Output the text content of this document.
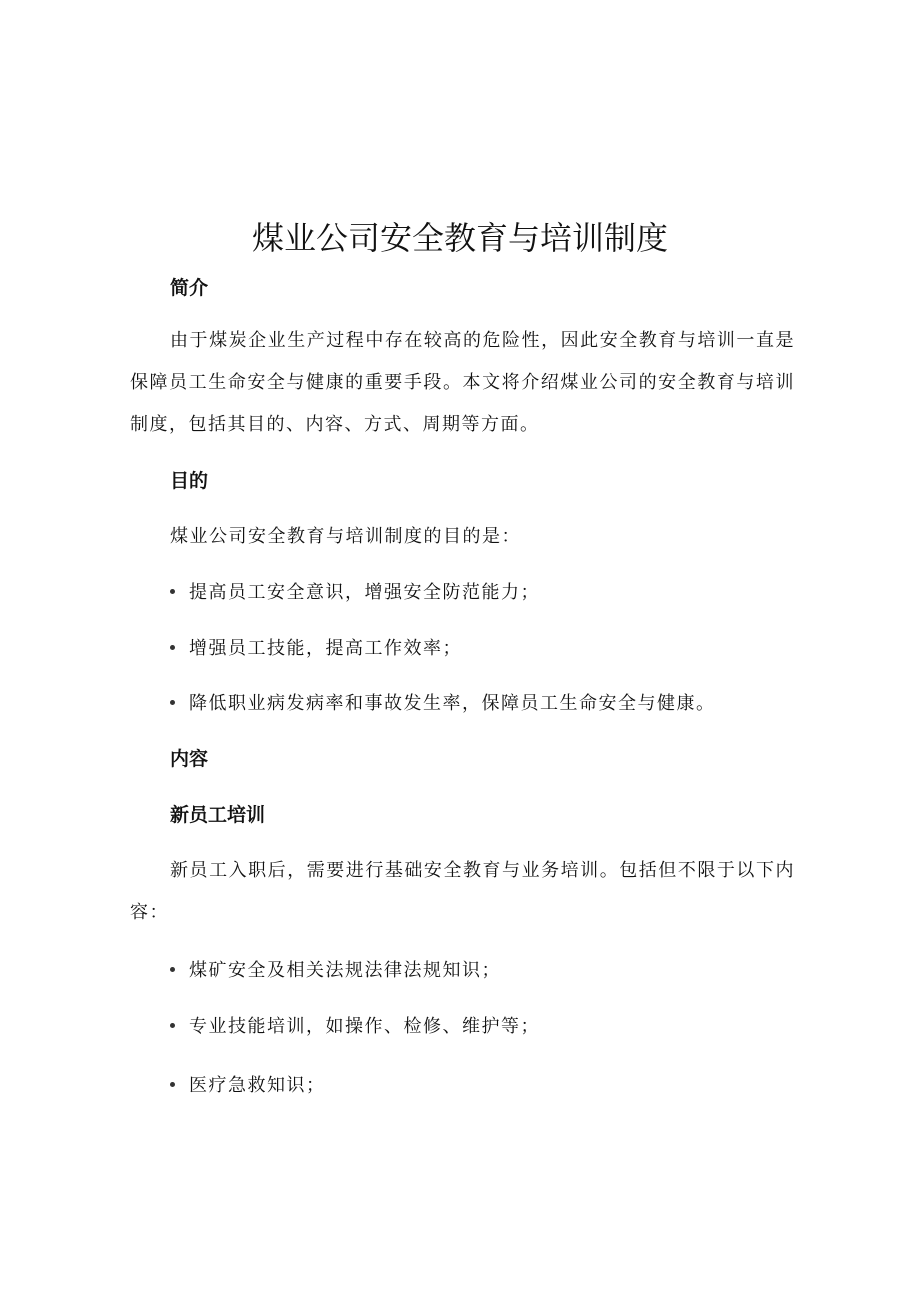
煤业公司安全教育与培训制度
简介

由于煤炭企业生产过程中存在较高的危险性，因此安全教育与培训一直是保障员工生命安全与健康的重要手段。本文将介绍煤业公司的安全教育与培训制度，包括其目的、内容、方式、周期等方面。

目的

煤业公司安全教育与培训制度的目的是：

提高员工安全意识，增强安全防范能力；
增强员工技能，提高工作效率；
降低职业病发病率和事故发生率，保障员工生命安全与健康。
内容
新员工培训

新员工入职后，需要进行基础安全教育与业务培训。包括但不限于以下内容：

煤矿安全及相关法规法律法规知识；
专业技能培训，如操作、检修、维护等；
医疗急救知识；
